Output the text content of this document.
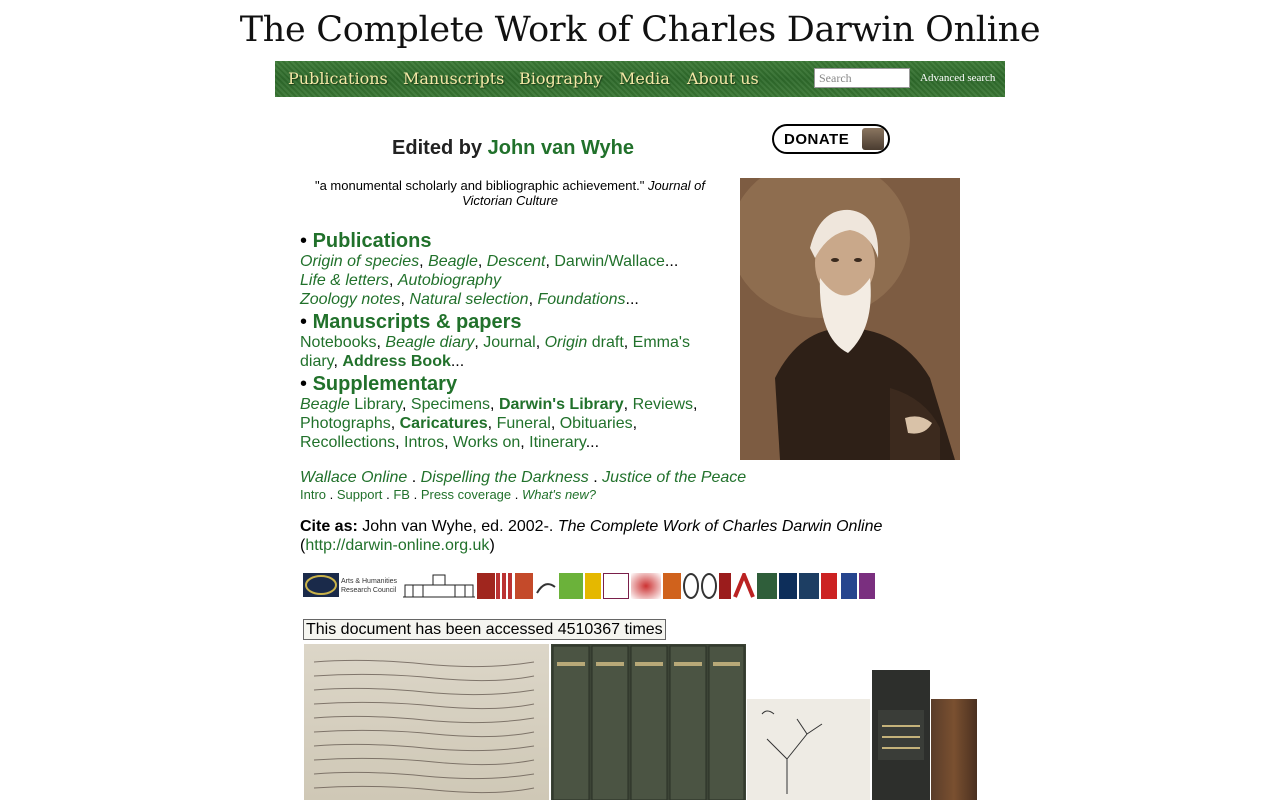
The Complete Work of Charles Darwin Online
Publications Manuscripts Biography Media About us
Search	Advanced search
Edited by John van Wyhe	DONATE
"a monumental scholarly and bibliographic achievement." Journal of Victorian Culture
• Publications
Origin of species, Beagle, Descent, Darwin/Wallace...
Life & letters, Autobiography
Zoology notes, Natural selection, Foundations...
• Manuscripts & papers
Notebooks, Beagle diary, Journal, Origin draft, Emma's diary, Address Book...
• Supplementary
Beagle Library, Specimens, Darwin's Library, Reviews,
Photographs, Caricatures, Funeral, Obituaries,
Recollections, Intros, Works on, Itinerary...
Wallace Online . Dispelling the Darkness . Justice of the Peace
Intro . Support . FB . Press coverage . What's new?
Cite as: John van Wyhe, ed. 2002-. The Complete Work of Charles Darwin Online
(http://darwin-online.org.uk)
Arts & Humanities
Research Council
This document has been accessed 4510367 times
